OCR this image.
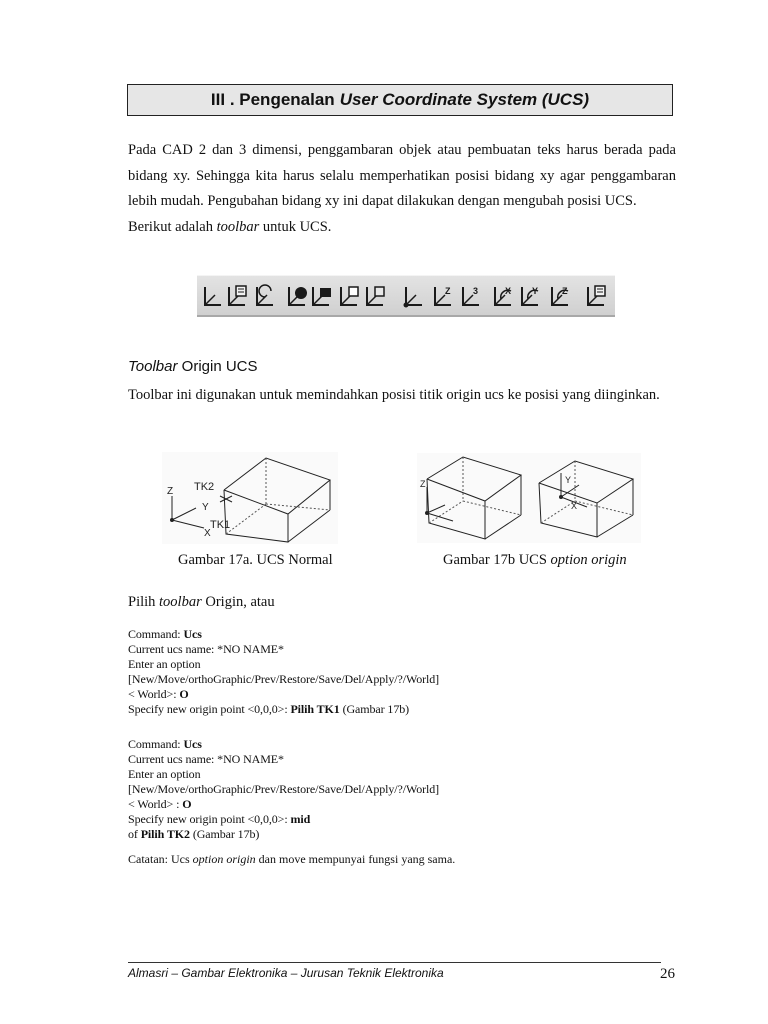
III . Pengenalan User Coordinate System (UCS)

Pada CAD 2 dan 3 dimensi, penggambaran objek atau pembuatan teks harus berada pada bidang xy. Sehingga kita harus selalu memperhatikan posisi bidang xy agar penggambaran lebih mudah. Pengubahan bidang xy ini dapat dilakukan dengan mengubah posisi UCS.

Berikut adalah toolbar untuk UCS.

Z	3	X Y	Z
Toolbar Origin UCS

Toolbar ini digunakan untuk memindahkan posisi titik origin ucs ke posisi yang diinginkan.

Z
Y
X
TK1
TK2
Gambar 17a. UCS Normal
Z	Y
X
Gambar 17b UCS option origin
Pilih toolbar Origin, atau
Command: Ucs
Current ucs name: *NO NAME*
Enter an option
[New/Move/orthoGraphic/Prev/Restore/Save/Del/Apply/?/World]
< World>: O
Specify new origin point <0,0,0>: Pilih TK1 (Gambar 17b)
Command: Ucs
Current ucs name: *NO NAME*
Enter an option
[New/Move/orthoGraphic/Prev/Restore/Save/Del/Apply/?/World]
< World> : O
Specify new origin point <0,0,0>: mid
of Pilih TK2 (Gambar 17b)
Catatan: Ucs option origin dan move mempunyai fungsi yang sama.
Almasri – Gambar Elektronika – Jurusan Teknik Elektronika	26
